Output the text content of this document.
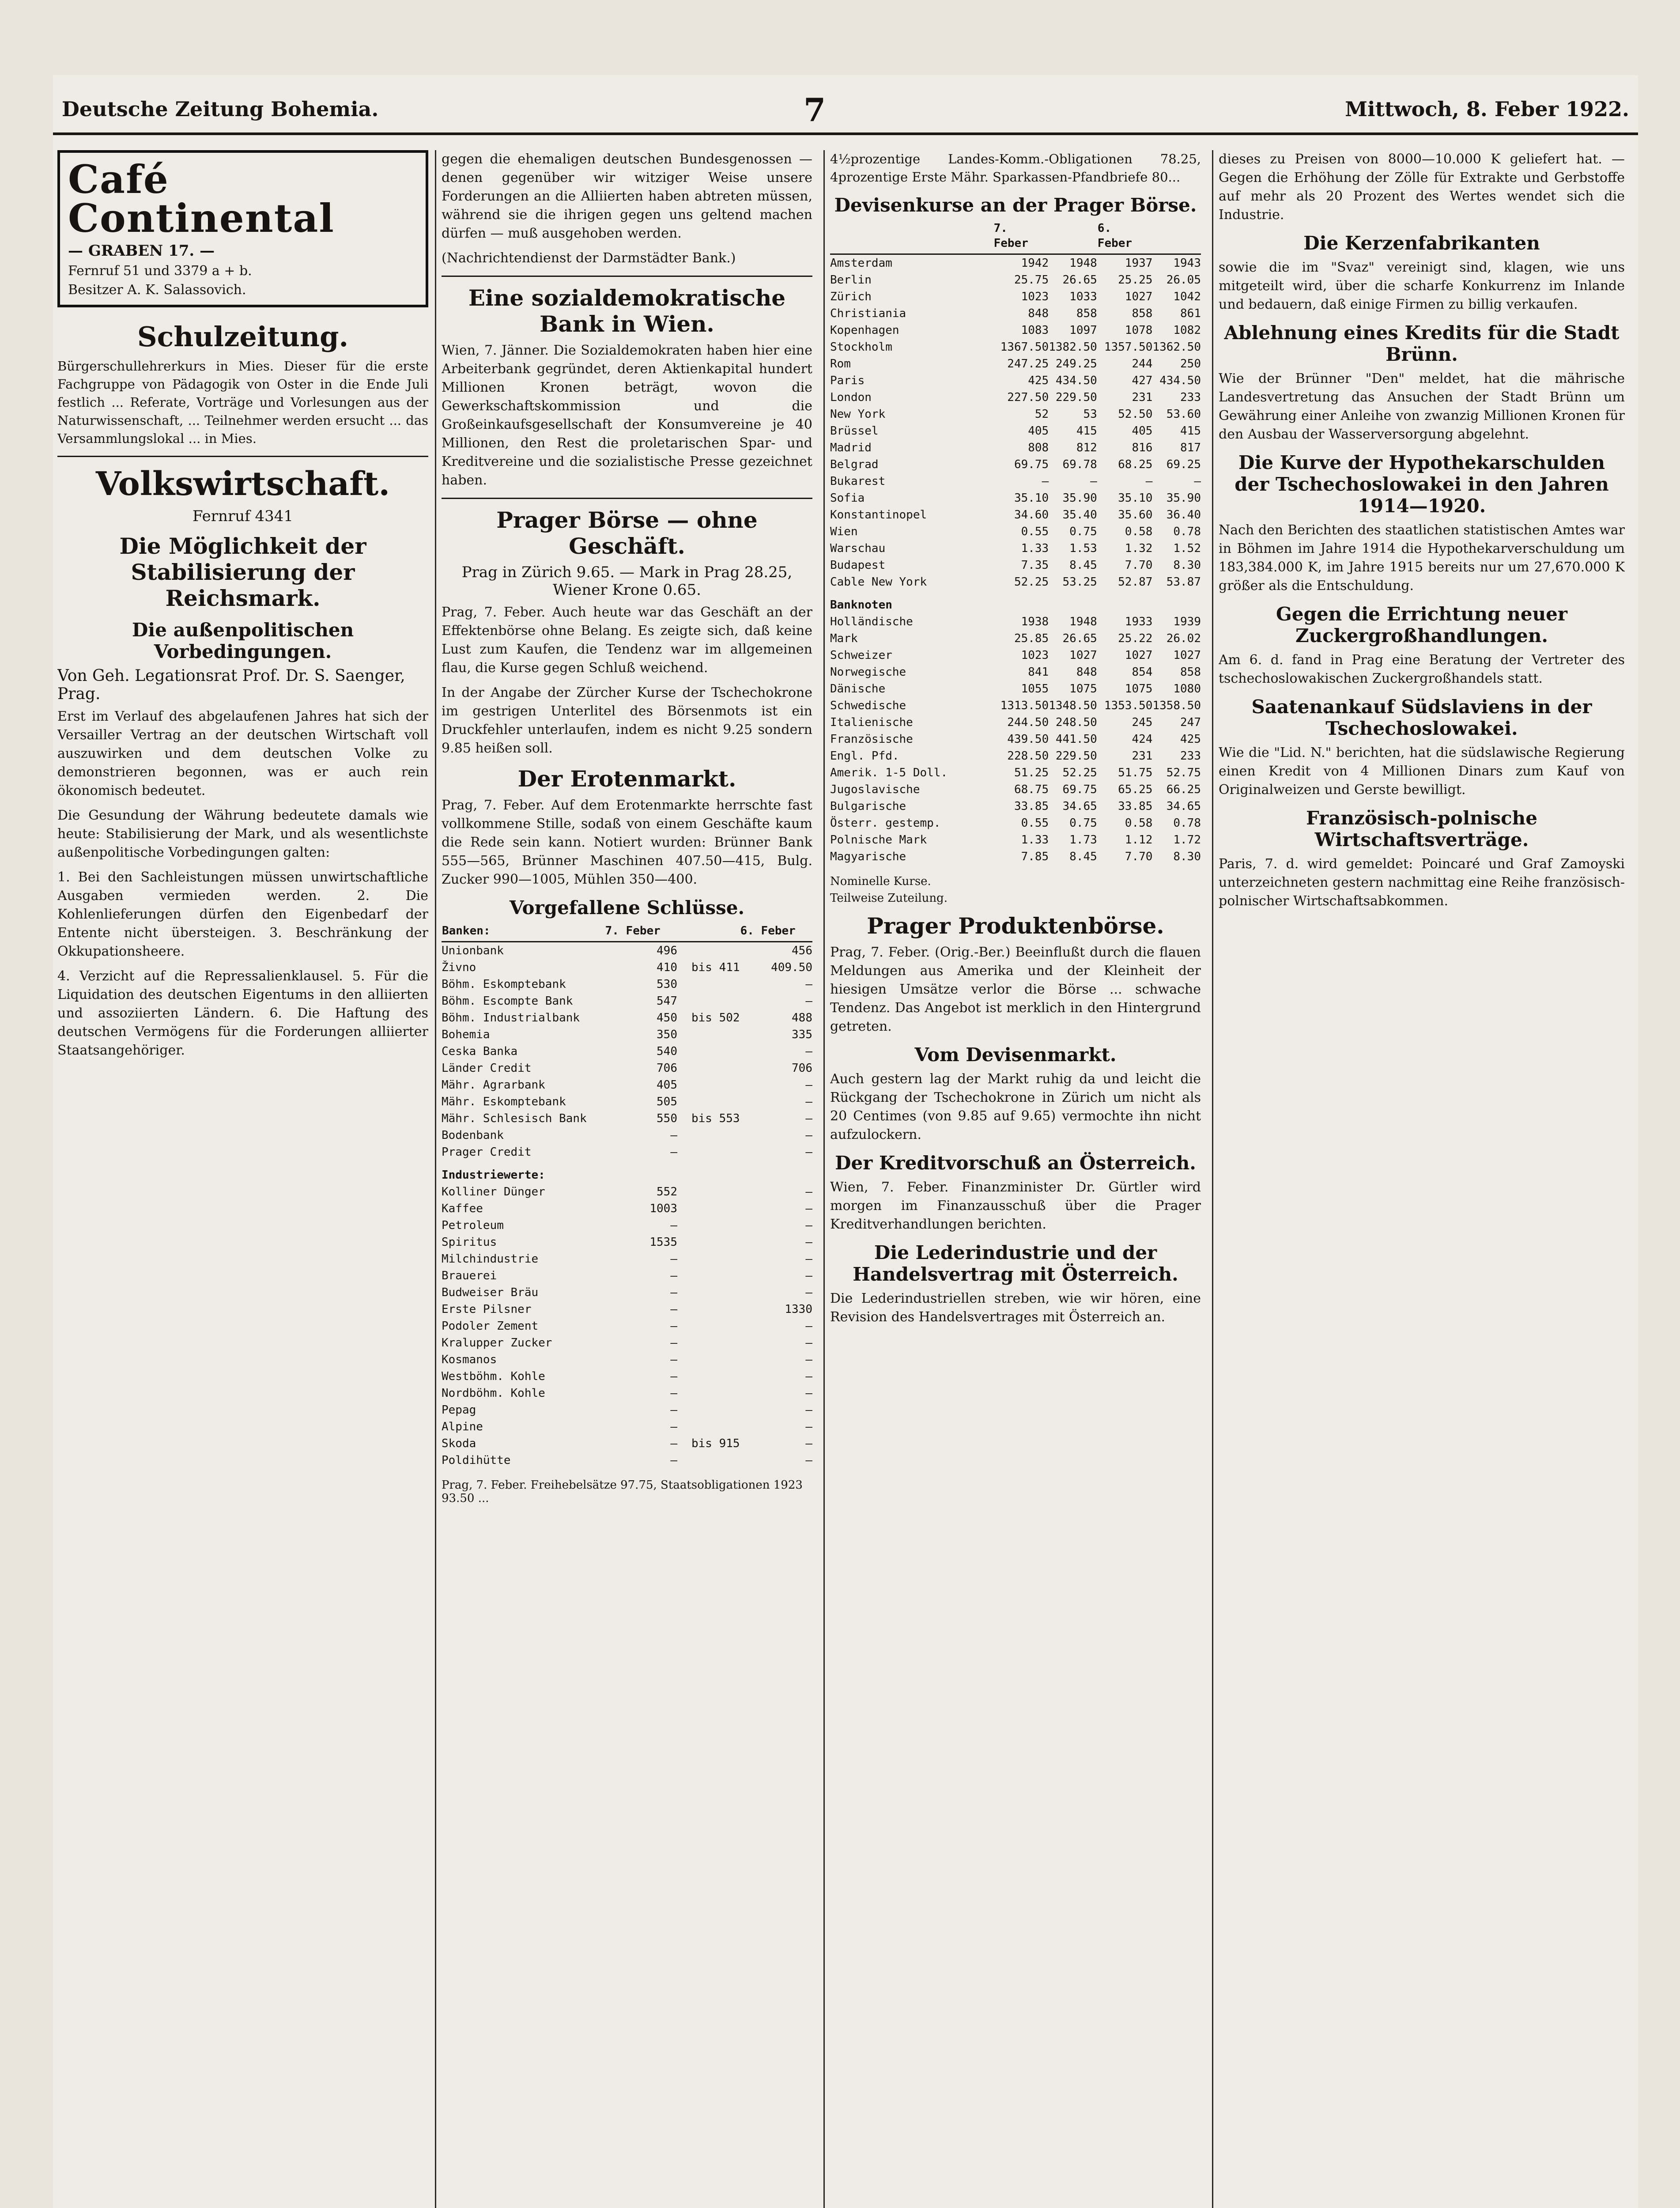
Deutsche Zeitung Bohemia.	7	Mittwoch, 8. Feber 1922.
Café Continental
— GRABEN 17. —
Fernruf 51 und 3379 a + b.
Besitzer A. K. Salassovich.
Schulzeitung.

Bürgerschullehrerkurs in Mies. Dieser für die erste Fachgruppe von Pädagogik von Oster in die Ende Juli festlich ... Referate, Vorträge und Vorlesungen aus der Naturwissenschaft, ... Teilnehmer werden ersucht ... das Versammlungslokal ... in Mies.

Volkswirtschaft.
Fernruf 4341
Die Möglichkeit der Stabilisierung der Reichsmark.
Die außenpolitischen Vorbedingungen.
Von Geh. Legationsrat Prof. Dr. S. Saenger, Prag.

Erst im Verlauf des abgelaufenen Jahres hat sich der Versailler Vertrag an der deutschen Wirtschaft voll auszuwirken und dem deutschen Volke zu demonstrieren begonnen, was er auch rein ökonomisch bedeutet.

Die Gesundung der Währung bedeutete damals wie heute: Stabilisierung der Mark, und als wesentlichste außenpolitische Vorbedingungen galten:

1. Bei den Sachleistungen müssen unwirtschaftliche Ausgaben vermieden werden. 2. Die Kohlenlieferungen dürfen den Eigenbedarf der Entente nicht übersteigen. 3. Beschränkung der Okkupationsheere.

4. Verzicht auf die Repressalienklausel. 5. Für die Liquidation des deutschen Eigentums in den alliierten und assoziierten Ländern. 6. Die Haftung des deutschen Vermögens für die Forderungen alliierter Staatsangehöriger.

gegen die ehemaligen deutschen Bundesgenossen — denen gegenüber wir witziger Weise unsere Forderungen an die Alliierten haben abtreten müssen, während sie die ihrigen gegen uns geltend machen dürfen — muß ausgehoben werden.

(Nachrichtendienst der Darmstädter Bank.)

Eine sozialdemokratische Bank in Wien.

Wien, 7. Jänner. Die Sozialdemokraten haben hier eine Arbeiterbank gegründet, deren Aktienkapital hundert Millionen Kronen beträgt, wovon die Gewerkschaftskommission und die Großeinkaufsgesellschaft der Konsumvereine je 40 Millionen, den Rest die proletarischen Spar- und Kreditvereine und die sozialistische Presse gezeichnet haben.

Prager Börse — ohne Geschäft.
Prag in Zürich 9.65. — Mark in Prag 28.25, Wiener Krone 0.65.

Prag, 7. Feber. Auch heute war das Geschäft an der Effektenbörse ohne Belang. Es zeigte sich, daß keine Lust zum Kaufen, die Tendenz war im allgemeinen flau, die Kurse gegen Schluß weichend.

In der Angabe der Zürcher Kurse der Tschechokrone im gestrigen Unterlitel des Börsenmots ist ein Druckfehler unterlaufen, indem es nicht 9.25 sondern 9.85 heißen soll.

Der Erotenmarkt.

Prag, 7. Feber. Auf dem Erotenmarkte herrschte fast vollkommene Stille, sodaß von einem Geschäfte kaum die Rede sein kann. Notiert wurden: Brünner Bank 555—565, Brünner Maschinen 407.50—415, Bulg. Zucker 990—1005, Mühlen 350—400.

Vorgefallene Schlüsse.
Banken:	7. Feber		6. Feber
Unionbank	496		456
Živno	410	bis 411	409.50
Böhm. Eskomptebank	530		—
Böhm. Escompte Bank	547		—
Böhm. Industrialbank	450	bis 502	488
Bohemia	350		335
Ceska Banka	540		—
Länder Credit	706		706
Mähr. Agrarbank	405		—
Mähr. Eskomptebank	505		—
Mähr. Schlesisch Bank	550	bis 553	—
Bodenbank	—		—
Prager Credit	—		—
Industriewerte:			
Kolliner Dünger	552		—
Kaffee	1003		—
Petroleum	—		—
Spiritus	1535		—
Milchindustrie	—		—
Brauerei	—		—
Budweiser Bräu	—		—
Erste Pilsner	—		1330
Podoler Zement	—		—
Kralupper Zucker	—		—
Kosmanos	—		—
Westböhm. Kohle	—		—
Nordböhm. Kohle	—		—
Pepag	—		—
Alpine	—		—
Skoda	—	bis 915	—
Poldihütte	—		—

Prag, 7. Feber. Freihebelsätze 97.75, Staatsobligationen 1923 93.50 ...

4½prozentige Landes-Komm.-Obligationen 78.25, 4prozentige Erste Mähr. Sparkassen-Pfandbriefe 80...

Devisenkurse an der Prager Börse.
	7. Feber		6. Feber	
Amsterdam	1942	1948	1937	1943
Berlin	25.75	26.65	25.25	26.05
Zürich	1023	1033	1027	1042
Christiania	848	858	858	861
Kopenhagen	1083	1097	1078	1082
Stockholm	1367.50	1382.50	1357.50	1362.50
Rom	247.25	249.25	244	250
Paris	425	434.50	427	434.50
London	227.50	229.50	231	233
New York	52	53	52.50	53.60
Brüssel	405	415	405	415
Madrid	808	812	816	817
Belgrad	69.75	69.78	68.25	69.25
Bukarest	—	—	—	—
Sofia	35.10	35.90	35.10	35.90
Konstantinopel	34.60	35.40	35.60	36.40
Wien	0.55	0.75	0.58	0.78
Warschau	1.33	1.53	1.32	1.52
Budapest	7.35	8.45	7.70	8.30
Cable New York	52.25	53.25	52.87	53.87
Banknoten				
Holländische	1938	1948	1933	1939
Mark	25.85	26.65	25.22	26.02
Schweizer	1023	1027	1027	1027
Norwegische	841	848	854	858
Dänische	1055	1075	1075	1080
Schwedische	1313.50	1348.50	1353.50	1358.50
Italienische	244.50	248.50	245	247
Französische	439.50	441.50	424	425
Engl. Pfd.	228.50	229.50	231	233
Amerik. 1-5 Doll.	51.25	52.25	51.75	52.75
Jugoslavische	68.75	69.75	65.25	66.25
Bulgarische	33.85	34.65	33.85	34.65
Österr. gestemp.	0.55	0.75	0.58	0.78
Polnische Mark	1.33	1.73	1.12	1.72
Magyarische	7.85	8.45	7.70	8.30
Nominelle Kurse.
Teilweise Zuteilung.
Prager Produktenbörse.

Prag, 7. Feber. (Orig.-Ber.) Beeinflußt durch die flauen Meldungen aus Amerika und der Kleinheit der hiesigen Umsätze verlor die Börse ... schwache Tendenz. Das Angebot ist merklich in den Hintergrund getreten.

Vom Devisenmarkt.

Auch gestern lag der Markt ruhig da und leicht die Rückgang der Tschechokrone in Zürich um nicht als 20 Centimes (von 9.85 auf 9.65) vermochte ihn nicht aufzulockern.

Der Kreditvorschuß an Österreich.

Wien, 7. Feber. Finanzminister Dr. Gürtler wird morgen im Finanzausschuß über die Prager Kreditverhandlungen berichten.

Die Lederindustrie und der Handelsvertrag mit Österreich.

Die Lederindustriellen streben, wie wir hören, eine Revision des Handelsvertrages mit Österreich an.

dieses zu Preisen von 8000—10.000 K geliefert hat. — Gegen die Erhöhung der Zölle für Extrakte und Gerbstoffe auf mehr als 20 Prozent des Wertes wendet sich die Industrie.

Die Kerzenfabrikanten

sowie die im "Svaz" vereinigt sind, klagen, wie uns mitgeteilt wird, über die scharfe Konkurrenz im Inlande und bedauern, daß einige Firmen zu billig verkaufen.

Ablehnung eines Kredits für die Stadt Brünn.

Wie der Brünner "Den" meldet, hat die mährische Landesvertretung das Ansuchen der Stadt Brünn um Gewährung einer Anleihe von zwanzig Millionen Kronen für den Ausbau der Wasserversorgung abgelehnt.

Die Kurve der Hypothekarschulden der Tschechoslowakei in den Jahren 1914—1920.

Nach den Berichten des staatlichen statistischen Amtes war in Böhmen im Jahre 1914 die Hypothekarverschuldung um 183,384.000 K, im Jahre 1915 bereits nur um 27,670.000 K größer als die Entschuldung.

Gegen die Errichtung neuer Zuckergroßhandlungen.

Am 6. d. fand in Prag eine Beratung der Vertreter des tschechoslowakischen Zuckergroßhandels statt.

Saatenankauf Südslaviens in der Tschechoslowakei.

Wie die "Lid. N." berichten, hat die südslawische Regierung einen Kredit von 4 Millionen Dinars zum Kauf von Originalweizen und Gerste bewilligt.

Französisch-polnische Wirtschaftsverträge.

Paris, 7. d. wird gemeldet: Poincaré und Graf Zamoyski unterzeichneten gestern nachmittag eine Reihe französisch-polnischer Wirtschaftsabkommen.
